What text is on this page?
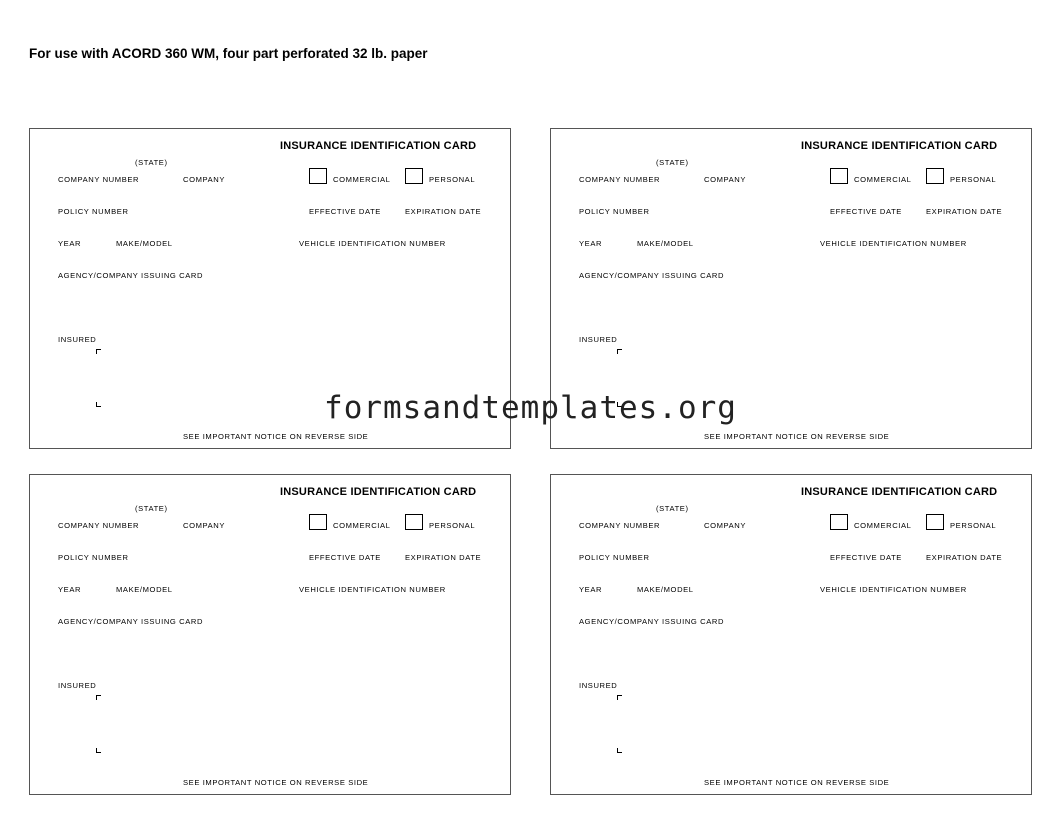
For use with ACORD 360 WM, four part perforated 32 lb. paper
INSURANCE IDENTIFICATION CARD
(STATE)
COMPANY NUMBER	COMPANY	COMMERCIAL	PERSONAL
POLICY NUMBER	EFFECTIVE DATE	EXPIRATION DATE
YEAR	MAKE/MODEL	VEHICLE IDENTIFICATION NUMBER
AGENCY/COMPANY ISSUING CARD
INSURED
SEE IMPORTANT NOTICE ON REVERSE SIDE
INSURANCE IDENTIFICATION CARD
(STATE)
COMPANY NUMBER	COMPANY	COMMERCIAL	PERSONAL
POLICY NUMBER	EFFECTIVE DATE	EXPIRATION DATE
YEAR	MAKE/MODEL	VEHICLE IDENTIFICATION NUMBER
AGENCY/COMPANY ISSUING CARD
INSURED
SEE IMPORTANT NOTICE ON REVERSE SIDE
INSURANCE IDENTIFICATION CARD
(STATE)
COMPANY NUMBER	COMPANY	COMMERCIAL	PERSONAL
POLICY NUMBER	EFFECTIVE DATE	EXPIRATION DATE
YEAR	MAKE/MODEL	VEHICLE IDENTIFICATION NUMBER
AGENCY/COMPANY ISSUING CARD
INSURED
SEE IMPORTANT NOTICE ON REVERSE SIDE
INSURANCE IDENTIFICATION CARD
(STATE)
COMPANY NUMBER	COMPANY	COMMERCIAL	PERSONAL
POLICY NUMBER	EFFECTIVE DATE	EXPIRATION DATE
YEAR	MAKE/MODEL	VEHICLE IDENTIFICATION NUMBER
AGENCY/COMPANY ISSUING CARD
INSURED
SEE IMPORTANT NOTICE ON REVERSE SIDE
formsandtemplates.org
